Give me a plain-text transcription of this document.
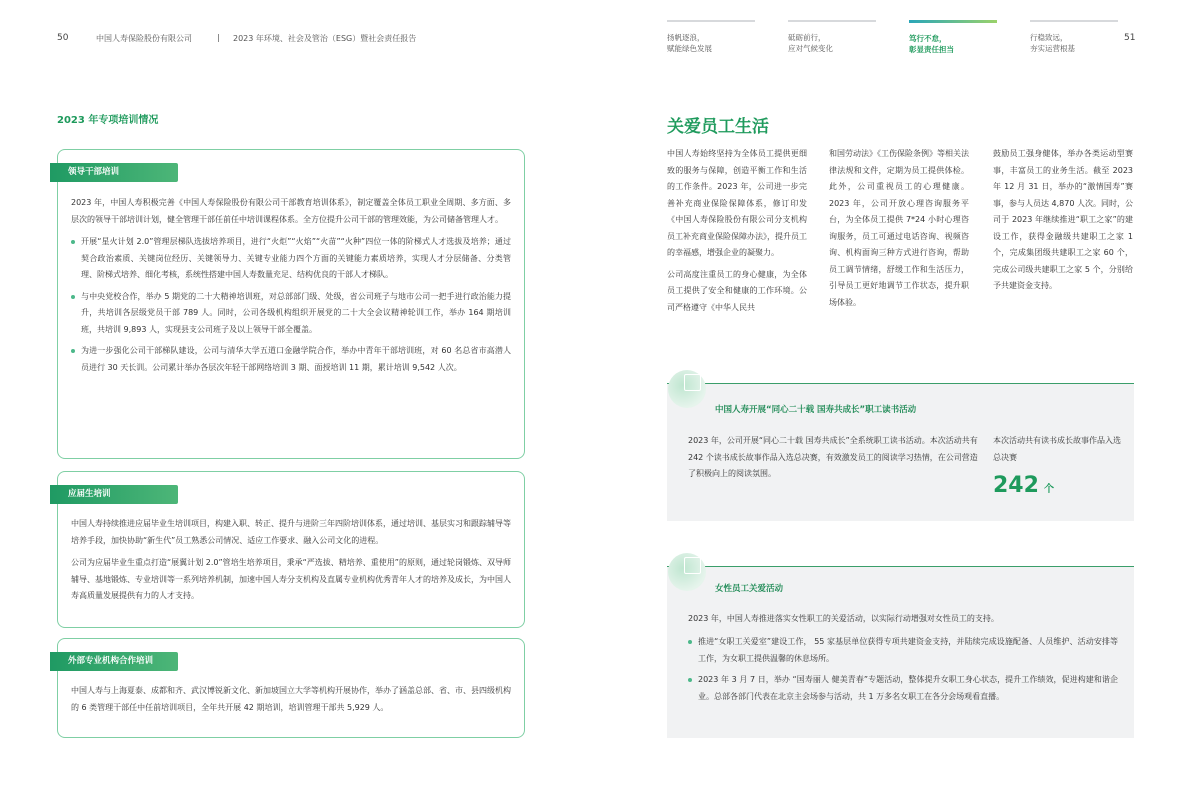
50	中国人寿保险股份有限公司	| 2023 年环境、社会及管治（ESG）暨社会责任报告	51
扬帆逐浪，
赋能绿色发展
砥砺前行，
应对气候变化
笃行不怠，
彰显责任担当
行稳致远，
夯实运营根基
2023 年专项培训情况
领导干部培训
2023 年，中国人寿积极完善《中国人寿保险股份有限公司干部教育培训体系》，制定覆盖全体员工职业全周期、多方面、多层次的领导干部培训计划，健全管理干部任前任中培训课程体系。全方位提升公司干部的管理效能，为公司储备管理人才。
开展“星火计划 2.0”管理层梯队选拔培养项目，进行“火炬”“火焰”“火苗”“火种”四位一体的阶梯式人才选拔及培养；通过契合政治素质、关键岗位经历、关键领导力、关键专业能力四个方面的关键能力素质培养，实现人才分层储备、分类管理、阶梯式培养、细化考核，系统性搭建中国人寿数量充足、结构优良的干部人才梯队。
与中央党校合作，举办 5 期党的二十大精神培训班，对总部部门级、处级，省公司班子与地市公司一把手进行政治能力提升，共培训各层级党员干部 789 人。同时，公司各级机构组织开展党的二十大全会议精神轮训工作，举办 164 期培训班，共培训 9,893 人，实现县支公司班子及以上领导干部全覆盖。
为进一步强化公司干部梯队建设，公司与清华大学五道口金融学院合作，举办中青年干部培训班，对 60 名总省市高潜人员进行 30 天长训。公司累计举办各层次年轻干部网络培训 3 期、面授培训 11 期，累计培训 9,542 人次。
应届生培训
中国人寿持续推进应届毕业生培训项目，构建入职、转正、提升与进阶三年四阶培训体系，通过培训、基层实习和跟踪辅导等培养手段，加快协助“新生代”员工熟悉公司情况、适应工作要求、融入公司文化的进程。
公司为应届毕业生重点打造“展翼计划 2.0”管培生培养项目，秉承“严选拔、精培养、重使用”的原则，通过轮岗锻炼、双导师辅导、基地锻炼、专业培训等一系列培养机制，加速中国人寿分支机构及直属专业机构优秀青年人才的培养及成长，为中国人寿高质量发展提供有力的人才支持。
外部专业机构合作培训
中国人寿与上海夏泰、成都和齐、武汉博锐新文化、新加坡国立大学等机构开展协作，举办了涵盖总部、省、市、县四级机构的 6 类管理干部任中任前培训项目，全年共开展 42 期培训，培训管理干部共 5,929 人。
关爱员工生活

中国人寿始终坚持为全体员工提供更细致的服务与保障，创造平衡工作和生活的工作条件。2023 年，公司进一步完善补充商业保险保障体系，修订印发《中国人寿保险股份有限公司分支机构员工补充商业保险保障办法》，提升员工的幸福感，增强企业的凝聚力。

公司高度注重员工的身心健康，为全体员工提供了安全和健康的工作环境。公司严格遵守《中华人民共

和国劳动法》《工伤保险条例》等相关法律法规和文件，定期为员工提供体检。此外，公司重视员工的心理健康。2023 年，公司开放心理咨询服务平台，为全体员工提供 7*24 小时心理咨询服务，员工可通过电话咨询、视频咨询、机构面询三种方式进行咨询，帮助员工调节情绪，舒缓工作和生活压力，引导员工更好地调节工作状态，提升职场体验。

鼓励员工强身健体，举办各类运动型赛事，丰富员工的业务生活。截至 2023 年 12 月 31 日，举办的“激情国寿”赛事，参与人员达 4,870 人次。同时，公司于 2023 年继续推进“职工之家”的建设工作，获得金融级共建职工之家 1 个，完成集团级共建职工之家 60 个，完成公司级共建职工之家 5 个，分别给予共建资金支持。

中国人寿开展“同心二十载 国寿共成长”职工读书活动
2023 年，公司开展“同心二十载 国寿共成长”全系统职工读书活动。本次活动共有 242 个读书成长故事作品入选总决赛，有效激发员工的阅读学习热情，在公司营造了积极向上的阅读氛围。
本次活动共有读书成长故事作品入选总决赛
242 个
女性员工关爱活动
2023 年，中国人寿推进落实女性职工的关爱活动，以实际行动增强对女性员工的支持。
推进“女职工关爱室”建设工作， 55 家基层单位获得专项共建资金支持，并陆续完成设施配备、人员维护、活动安排等工作，为女职工提供温馨的休息场所。
2023 年 3 月 7 日，举办 “国寿丽人 健美青春”专题活动，整体提升女职工身心状态，提升工作绩效，促进构建和谐企业。总部各部门代表在北京主会场参与活动，共 1 万多名女职工在各分会场观看直播。
